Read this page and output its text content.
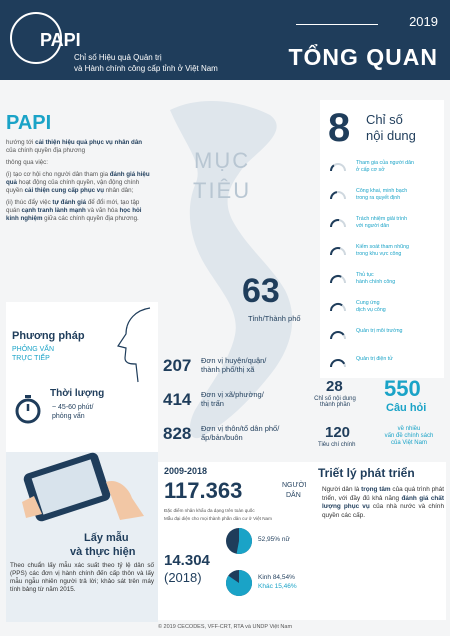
PAPI
Chỉ số Hiệu quả Quản trị
và Hành chính công cấp tỉnh ở Việt Nam
2019
TỔNG QUAN
PAPI

hướng tới cải thiện hiệu quả phục vụ nhân dân của chính quyền địa phương

thông qua việc:

(i) tạo cơ hội cho người dân tham gia đánh giá hiệu quả hoạt động của chính quyền, vận động chính quyền cải thiện cung cấp phục vụ nhân dân;

(ii) thúc đẩy việc tự đánh giá để đổi mới, tạo tập quán cạnh tranh lành mạnh và văn hóa học hỏi kinh nghiệm giữa các chính quyền địa phương.

MỤC
TIÊU
63
Tỉnh/Thành phố
207 Đơn vị huyện/quận/
thành phố/thị xã
414 Đơn vị xã/phường/
thị trấn
828 Đơn vị thôn/tổ dân phố/
ấp/bản/buôn
8 Chỉ số
nội dung
Tham gia của người dân
ở cấp cơ sở
Công khai, minh bạch
trong ra quyết định
Trách nhiệm giải trình
với người dân
Kiểm soát tham nhũng
trong khu vực công
Thủ tục
hành chính công
Cung ứng
dịch vụ công
Quản trị môi trường
Quản trị điện tử
28
Chỉ số nội dung
thành phần
550
Câu hỏi
120
Tiêu chí chính
về nhiều
vấn đề chính sách
của Việt Nam
Phương pháp
PHỎNG VẤN
TRỰC TIẾP
Thời lượng
~ 45-60 phút/
phỏng vấn
Lấy mẫu
và thực hiện
Theo chuẩn lấy mẫu xác suất theo tỷ lệ dân số (PPS) các đơn vị hành chính đến cấp thôn và lấy mẫu ngẫu nhiên người trả lời; khảo sát trên máy tính bảng từ năm 2015.
2009-2018
117.363	NGƯỜI
DÂN
Đặc điểm nhân khẩu đa dạng trên toàn quốc
Mẫu đại diện cho mọi thành phần dân cư ở Việt Nam
14.304
(2018)
52,95% nữ
Kinh 84,54%
Khác 15,46%
Triết lý phát triển
Người dân là trọng tâm của quá trình phát triển, với đầy đủ khả năng đánh giá chất lượng phục vụ của nhà nước và chính quyền các cấp.
© 2019 CECODES, VFF-CRT, RTA và UNDP Việt Nam
